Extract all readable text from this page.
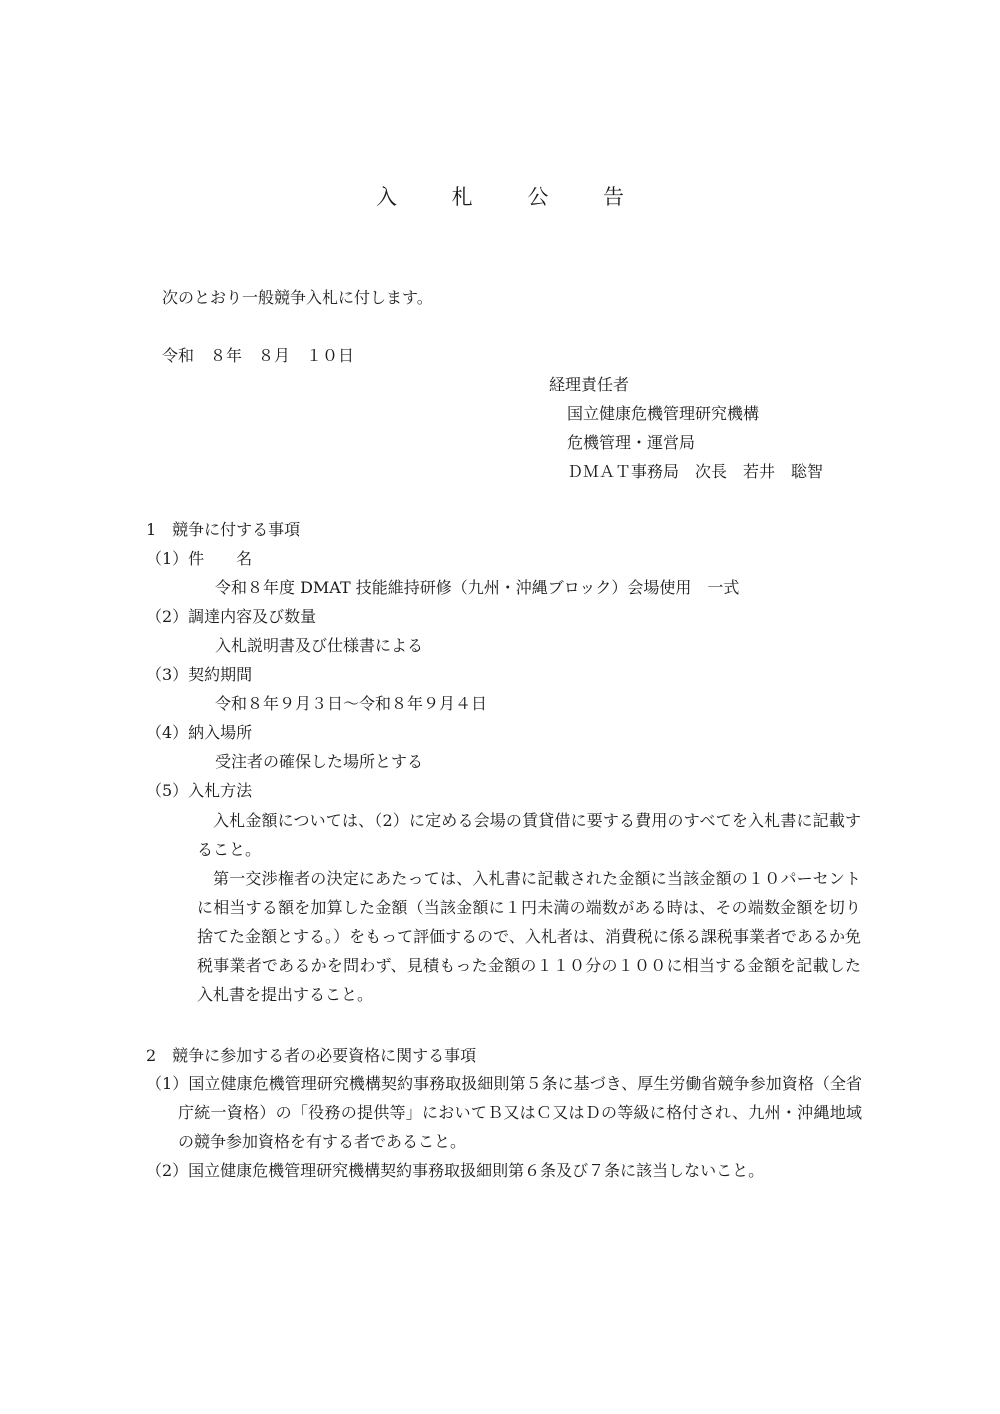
入 札 公 告
次のとおり一般競争入札に付します。
令和　８年　８月　１０日
経理責任者
国立健康危機管理研究機構
危機管理・運営局
ＤＭＡＴ事務局　次長　若井　聡智
1　競争に付する事項
（1）件　　名
令和８年度 DMAT 技能維持研修（九州・沖縄ブロック）会場使用　一式
（2）調達内容及び数量
入札説明書及び仕様書による
（3）契約期間
令和８年９月３日～令和８年９月４日
（4）納入場所
受注者の確保した場所とする
（5）入札方法
入札金額については、（2）に定める会場の賃貸借に要する費用のすべてを入札書に記載すること。
第一交渉権者の決定にあたっては、入札書に記載された金額に当該金額の１０パーセントに相当する額を加算した金額（当該金額に１円未満の端数がある時は、その端数金額を切り捨てた金額とする。）をもって評価するので、入札者は、消費税に係る課税事業者であるか免税事業者であるかを問わず、見積もった金額の１１０分の１００に相当する金額を記載した入札書を提出すること。
2　競争に参加する者の必要資格に関する事項
（1）国立健康危機管理研究機構契約事務取扱細則第５条に基づき、厚生労働省競争参加資格（全省庁統一資格）の「役務の提供等」においてＢ又はＣ又はＤの等級に格付され、九州・沖縄地域の競争参加資格を有する者であること。
（2）国立健康危機管理研究機構契約事務取扱細則第６条及び７条に該当しないこと。
